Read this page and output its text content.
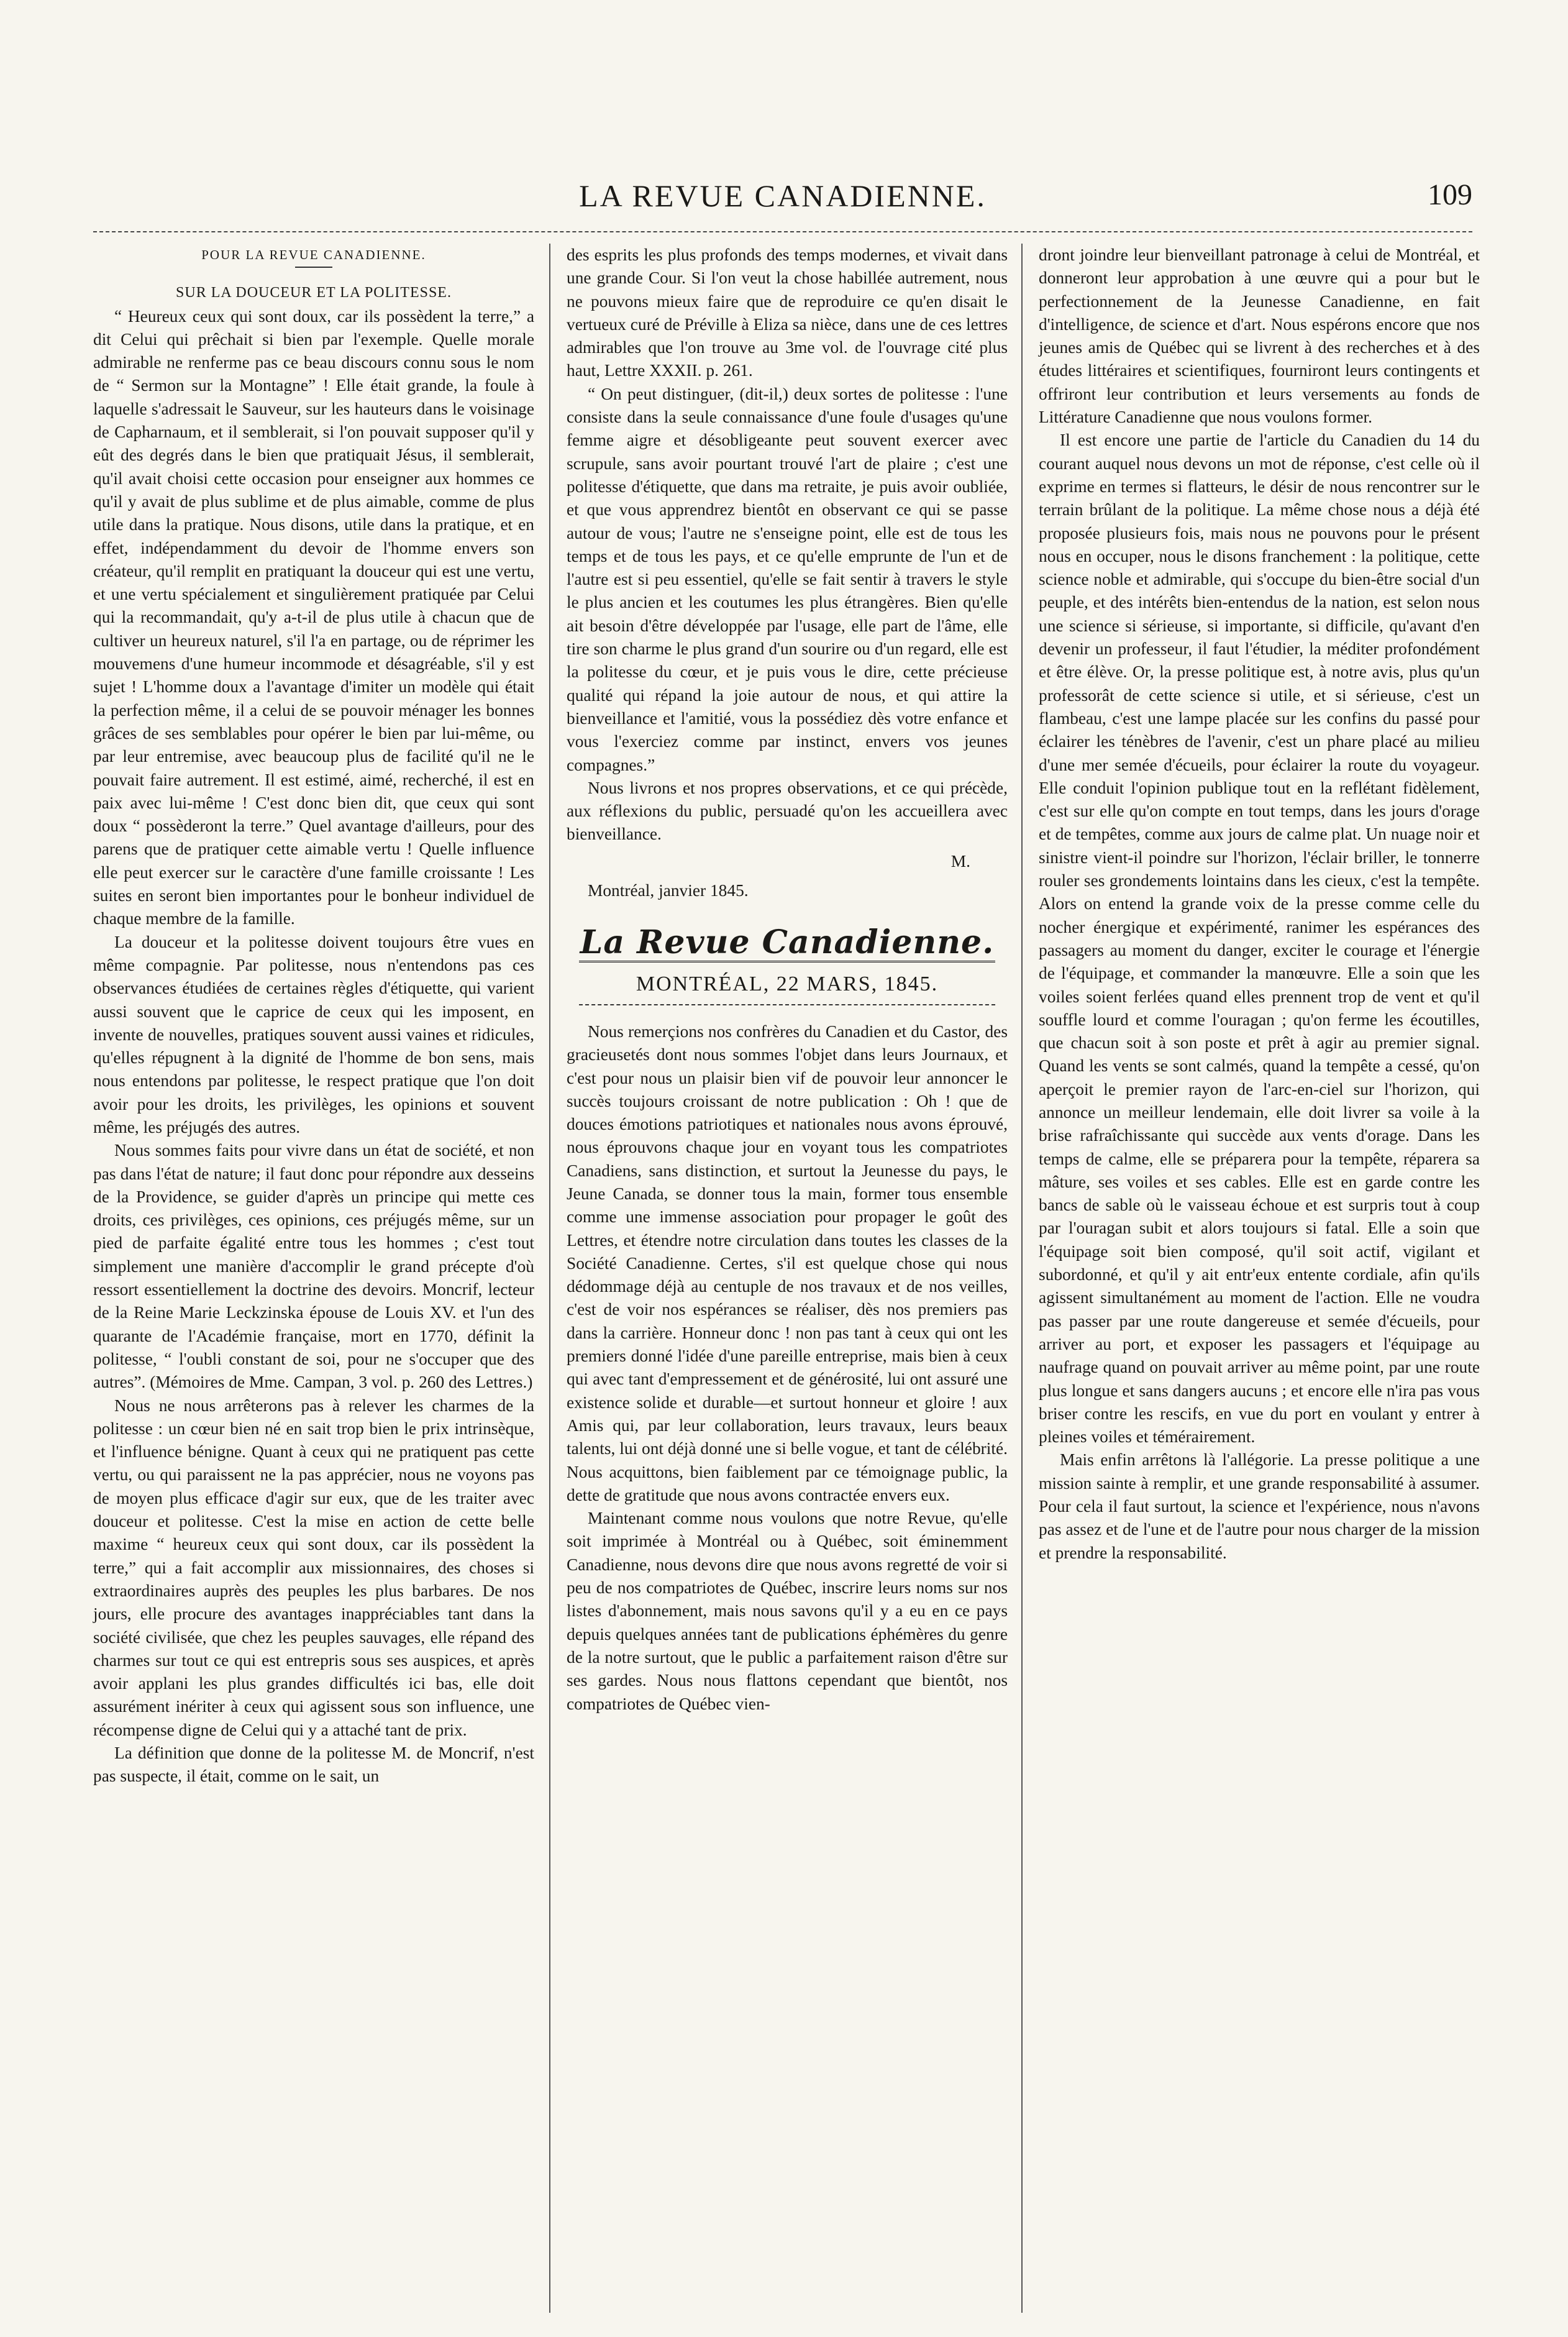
LA REVUE CANADIENNE.	109

POUR LA REVUE CANADIENNE.

SUR LA DOUCEUR ET LA POLITESSE.

“ Heureux ceux qui sont doux, car ils possèdent la terre,” a dit Celui qui prêchait si bien par l'exemple. Quelle morale admirable ne renferme pas ce beau discours connu sous le nom de “ Sermon sur la Montagne” ! Elle était grande, la foule à laquelle s'adressait le Sauveur, sur les hauteurs dans le voisinage de Capharnaum, et il semblerait, si l'on pouvait supposer qu'il y eût des degrés dans le bien que pratiquait Jésus, il semblerait, qu'il avait choisi cette occasion pour enseigner aux hommes ce qu'il y avait de plus sublime et de plus aimable, comme de plus utile dans la pratique. Nous disons, utile dans la pratique, et en effet, indépendamment du devoir de l'homme envers son créateur, qu'il remplit en pratiquant la douceur qui est une vertu, et une vertu spécialement et singulièrement pratiquée par Celui qui la recommandait, qu'y a-t-il de plus utile à chacun que de cultiver un heureux naturel, s'il l'a en partage, ou de réprimer les mouvemens d'une humeur incommode et désagréable, s'il y est sujet ! L'homme doux a l'avantage d'imiter un modèle qui était la perfection même, il a celui de se pouvoir ménager les bonnes grâces de ses semblables pour opérer le bien par lui-même, ou par leur entremise, avec beaucoup plus de facilité qu'il ne le pouvait faire autrement. Il est estimé, aimé, recherché, il est en paix avec lui-même ! C'est donc bien dit, que ceux qui sont doux “ possèderont la terre.” Quel avantage d'ailleurs, pour des parens que de pratiquer cette aimable vertu ! Quelle influence elle peut exercer sur le caractère d'une famille croissante ! Les suites en seront bien importantes pour le bonheur individuel de chaque membre de la famille.

La douceur et la politesse doivent toujours être vues en même compagnie. Par politesse, nous n'entendons pas ces observances étudiées de certaines règles d'étiquette, qui varient aussi souvent que le caprice de ceux qui les imposent, en invente de nouvelles, pratiques souvent aussi vaines et ridicules, qu'elles répugnent à la dignité de l'homme de bon sens, mais nous entendons par politesse, le respect pratique que l'on doit avoir pour les droits, les privilèges, les opinions et souvent même, les préjugés des autres.

Nous sommes faits pour vivre dans un état de société, et non pas dans l'état de nature; il faut donc pour répondre aux desseins de la Providence, se guider d'après un principe qui mette ces droits, ces privilèges, ces opinions, ces préjugés même, sur un pied de parfaite égalité entre tous les hommes ; c'est tout simplement une manière d'accomplir le grand précepte d'où ressort essentiellement la doctrine des devoirs. Moncrif, lecteur de la Reine Marie Leckzinska épouse de Louis XV. et l'un des quarante de l'Académie française, mort en 1770, définit la politesse, “ l'oubli constant de soi, pour ne s'occuper que des autres”. (Mémoires de Mme. Campan, 3 vol. p. 260 des Lettres.)

Nous ne nous arrêterons pas à relever les charmes de la politesse : un cœur bien né en sait trop bien le prix intrinsèque, et l'influence bénigne. Quant à ceux qui ne pratiquent pas cette vertu, ou qui paraissent ne la pas apprécier, nous ne voyons pas de moyen plus efficace d'agir sur eux, que de les traiter avec douceur et politesse. C'est la mise en action de cette belle maxime “ heureux ceux qui sont doux, car ils possèdent la terre,” qui a fait accomplir aux missionnaires, des choses si extraordinaires auprès des peuples les plus barbares. De nos jours, elle procure des avantages inappréciables tant dans la société civilisée, que chez les peuples sauvages, elle répand des charmes sur tout ce qui est entrepris sous ses auspices, et après avoir applani les plus grandes difficultés ici bas, elle doit assurément inériter à ceux qui agissent sous son influence, une récompense digne de Celui qui y a attaché tant de prix.

La définition que donne de la politesse M. de Moncrif, n'est pas suspecte, il était, comme on le sait, un

des esprits les plus profonds des temps modernes, et vivait dans une grande Cour. Si l'on veut la chose habillée autrement, nous ne pouvons mieux faire que de reproduire ce qu'en disait le vertueux curé de Préville à Eliza sa nièce, dans une de ces lettres admirables que l'on trouve au 3me vol. de l'ouvrage cité plus haut, Lettre XXXII. p. 261.

“ On peut distinguer, (dit-il,) deux sortes de politesse : l'une consiste dans la seule connaissance d'une foule d'usages qu'une femme aigre et désobligeante peut souvent exercer avec scrupule, sans avoir pourtant trouvé l'art de plaire ; c'est une politesse d'étiquette, que dans ma retraite, je puis avoir oubliée, et que vous apprendrez bientôt en observant ce qui se passe autour de vous; l'autre ne s'enseigne point, elle est de tous les temps et de tous les pays, et ce qu'elle emprunte de l'un et de l'autre est si peu essentiel, qu'elle se fait sentir à travers le style le plus ancien et les coutumes les plus étrangères. Bien qu'elle ait besoin d'être développée par l'usage, elle part de l'âme, elle tire son charme le plus grand d'un sourire ou d'un regard, elle est la politesse du cœur, et je puis vous le dire, cette précieuse qualité qui répand la joie autour de nous, et qui attire la bienveillance et l'amitié, vous la possédiez dès votre enfance et vous l'exerciez comme par instinct, envers vos jeunes compagnes.”

Nous livrons et nos propres observations, et ce qui précède, aux réflexions du public, persuadé qu'on les accueillera avec bienveillance.

M.

Montréal, janvier 1845.

La Revue Canadienne.
MONTRÉAL, 22 MARS, 1845.

Nous remerçions nos confrères du Canadien et du Castor, des gracieusetés dont nous sommes l'objet dans leurs Journaux, et c'est pour nous un plaisir bien vif de pouvoir leur annoncer le succès toujours croissant de notre publication : Oh ! que de douces émotions patriotiques et nationales nous avons éprouvé, nous éprouvons chaque jour en voyant tous les compatriotes Canadiens, sans distinction, et surtout la Jeunesse du pays, le Jeune Canada, se donner tous la main, former tous ensemble comme une immense association pour propager le goût des Lettres, et étendre notre circulation dans toutes les classes de la Société Canadienne. Certes, s'il est quelque chose qui nous dédommage déjà au centuple de nos travaux et de nos veilles, c'est de voir nos espérances se réaliser, dès nos premiers pas dans la carrière. Honneur donc ! non pas tant à ceux qui ont les premiers donné l'idée d'une pareille entreprise, mais bien à ceux qui avec tant d'empressement et de générosité, lui ont assuré une existence solide et durable—et surtout honneur et gloire ! aux Amis qui, par leur collaboration, leurs travaux, leurs beaux talents, lui ont déjà donné une si belle vogue, et tant de célébrité. Nous acquittons, bien faiblement par ce témoignage public, la dette de gratitude que nous avons contractée envers eux.

Maintenant comme nous voulons que notre Revue, qu'elle soit imprimée à Montréal ou à Québec, soit éminemment Canadienne, nous devons dire que nous avons regretté de voir si peu de nos compatriotes de Québec, inscrire leurs noms sur nos listes d'abonnement, mais nous savons qu'il y a eu en ce pays depuis quelques années tant de publications éphémères du genre de la notre surtout, que le public a parfaitement raison d'être sur ses gardes. Nous nous flattons cependant que bientôt, nos compatriotes de Québec vien-

dront joindre leur bienveillant patronage à celui de Montréal, et donneront leur approbation à une œuvre qui a pour but le perfectionnement de la Jeunesse Canadienne, en fait d'intelligence, de science et d'art. Nous espérons encore que nos jeunes amis de Québec qui se livrent à des recherches et à des études littéraires et scientifiques, fourniront leurs contingents et offriront leur contribution et leurs versements au fonds de Littérature Canadienne que nous voulons former.

Il est encore une partie de l'article du Canadien du 14 du courant auquel nous devons un mot de réponse, c'est celle où il exprime en termes si flatteurs, le désir de nous rencontrer sur le terrain brûlant de la politique. La même chose nous a déjà été proposée plusieurs fois, mais nous ne pouvons pour le présent nous en occuper, nous le disons franchement : la politique, cette science noble et admirable, qui s'occupe du bien-être social d'un peuple, et des intérêts bien-entendus de la nation, est selon nous une science si sérieuse, si importante, si difficile, qu'avant d'en devenir un professeur, il faut l'étudier, la méditer profondément et être élève. Or, la presse politique est, à notre avis, plus qu'un professorât de cette science si utile, et si sérieuse, c'est un flambeau, c'est une lampe placée sur les confins du passé pour éclairer les ténèbres de l'avenir, c'est un phare placé au milieu d'une mer semée d'écueils, pour éclairer la route du voyageur. Elle conduit l'opinion publique tout en la reflétant fidèlement, c'est sur elle qu'on compte en tout temps, dans les jours d'orage et de tempêtes, comme aux jours de calme plat. Un nuage noir et sinistre vient-il poindre sur l'horizon, l'éclair briller, le tonnerre rouler ses grondements lointains dans les cieux, c'est la tempête. Alors on entend la grande voix de la presse comme celle du nocher énergique et expérimenté, ranimer les espérances des passagers au moment du danger, exciter le courage et l'énergie de l'équipage, et commander la manœuvre. Elle a soin que les voiles soient ferlées quand elles prennent trop de vent et qu'il souffle lourd et comme l'ouragan ; qu'on ferme les écoutilles, que chacun soit à son poste et prêt à agir au premier signal. Quand les vents se sont calmés, quand la tempête a cessé, qu'on aperçoit le premier rayon de l'arc-en-ciel sur l'horizon, qui annonce un meilleur lendemain, elle doit livrer sa voile à la brise rafraîchissante qui succède aux vents d'orage. Dans les temps de calme, elle se préparera pour la tempête, réparera sa mâture, ses voiles et ses cables. Elle est en garde contre les bancs de sable où le vaisseau échoue et est surpris tout à coup par l'ouragan subit et alors toujours si fatal. Elle a soin que l'équipage soit bien composé, qu'il soit actif, vigilant et subordonné, et qu'il y ait entr'eux entente cordiale, afin qu'ils agissent simultanément au moment de l'action. Elle ne voudra pas passer par une route dangereuse et semée d'écueils, pour arriver au port, et exposer les passagers et l'équipage au naufrage quand on pouvait arriver au même point, par une route plus longue et sans dangers aucuns ; et encore elle n'ira pas vous briser contre les rescifs, en vue du port en voulant y entrer à pleines voiles et témérairement.

Mais enfin arrêtons là l'allégorie. La presse politique a une mission sainte à remplir, et une grande responsabilité à assumer. Pour cela il faut surtout, la science et l'expérience, nous n'avons pas assez et de l'une et de l'autre pour nous charger de la mission et prendre la responsabilité.
